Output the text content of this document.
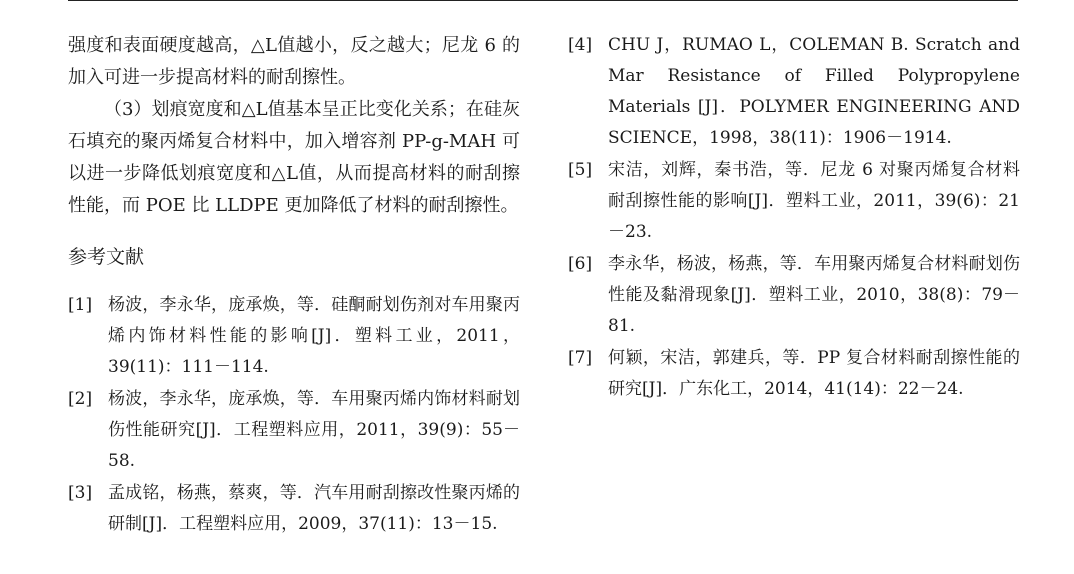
强度和表面硬度越高，△L值越小，反之越大；尼龙 6 的加入可进一步提高材料的耐刮擦性。

（3）划痕宽度和△L值基本呈正比变化关系；在硅灰石填充的聚丙烯复合材料中，加入增容剂 PP-g-MAH 可以进一步降低划痕宽度和△L值，从而提高材料的耐刮擦性能，而 POE 比 LLDPE 更加降低了材料的耐刮擦性。

参考文献
[1] 杨波，李永华，庞承焕，等．硅酮耐划伤剂对车用聚丙烯内饰材料性能的影响[J]．塑料工业，2011，39(11)：111－114.
[2] 杨波，李永华，庞承焕，等．车用聚丙烯内饰材料耐划伤性能研究[J]．工程塑料应用，2011，39(9)：55－58.
[3] 孟成铭，杨燕，蔡爽，等．汽车用耐刮擦改性聚丙烯的研制[J]．工程塑料应用，2009，37(11)：13－15.
[4] CHU J，RUMAO L，COLEMAN B. Scratch and Mar Resistance of Filled Polypropylene Materials [J]．POLYMER ENGINEERING AND SCIENCE，1998，38(11)：1906－1914.
[5] 宋洁，刘辉，秦书浩，等．尼龙 6 对聚丙烯复合材料耐刮擦性能的影响[J]．塑料工业，2011，39(6)：21－23.
[6] 李永华，杨波，杨燕，等．车用聚丙烯复合材料耐划伤性能及黏滑现象[J]．塑料工业，2010，38(8)：79－81.
[7] 何颖，宋洁，郭建兵，等．PP 复合材料耐刮擦性能的研究[J]．广东化工，2014，41(14)：22－24.
